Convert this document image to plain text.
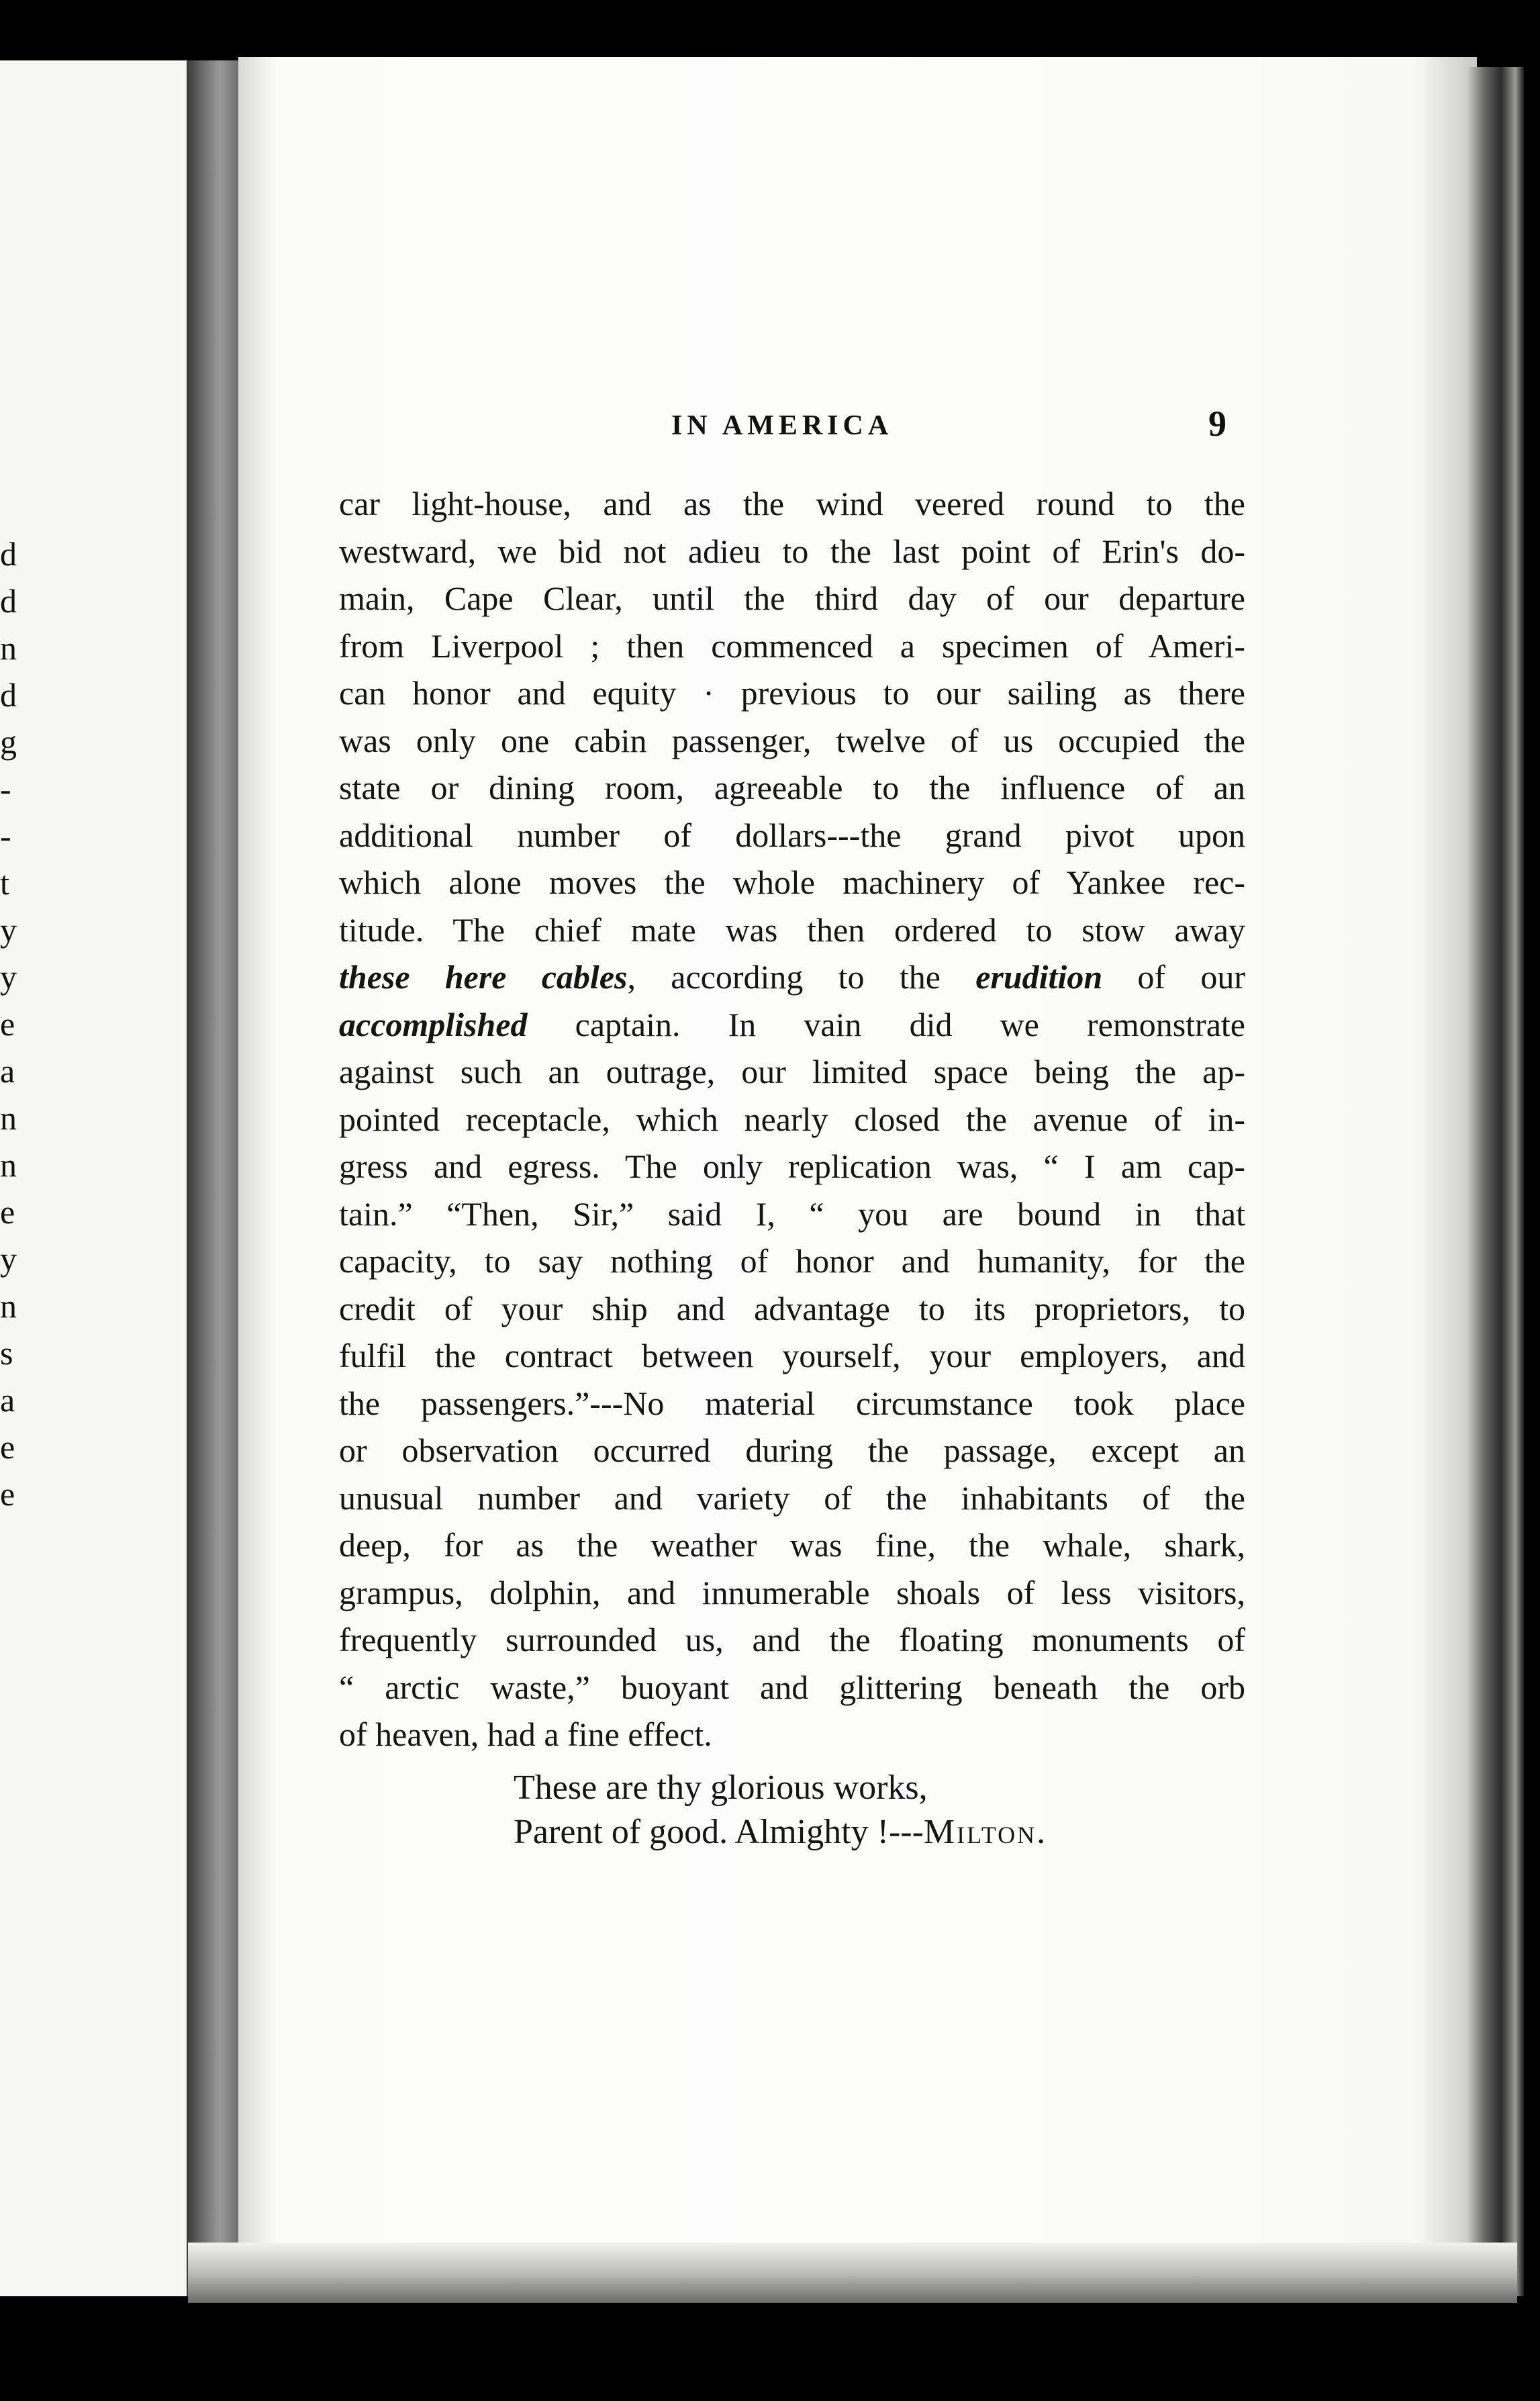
d
d
n
d
g
-
-
t
y
y
e
a
n
n
e
y
n
s
a
e
e
IN AMERICA	9
car light-house, and as the wind veered round to the
westward, we bid not adieu to the last point of Erin's do-
main, Cape Clear, until the third day of our departure
from Liverpool ; then commenced a specimen of Ameri-
can honor and equity · previous to our sailing as there
was only one cabin passenger, twelve of us occupied the
state or dining room, agreeable to the influence of an
additional number of dollars---the grand pivot upon
which alone moves the whole machinery of Yankee rec-
titude. The chief mate was then ordered to stow away
these here cables, according to the erudition of our
accomplished captain. In vain did we remonstrate
against such an outrage, our limited space being the ap-
pointed receptacle, which nearly closed the avenue of in-
gress and egress. The only replication was, “ I am cap-
tain.” “Then, Sir,” said I, “ you are bound in that
capacity, to say nothing of honor and humanity, for the
credit of your ship and advantage to its proprietors, to
fulfil the contract between yourself, your employers, and
the passengers.”---No material circumstance took place
or observation occurred during the passage, except an
unusual number and variety of the inhabitants of the
deep, for as the weather was fine, the whale, shark,
grampus, dolphin, and innumerable shoals of less visitors,
frequently surrounded us, and the floating monuments of
“ arctic waste,” buoyant and glittering beneath the orb
of heaven, had a fine effect.
These are thy glorious works,
Parent of good. Almighty !---Milton.
